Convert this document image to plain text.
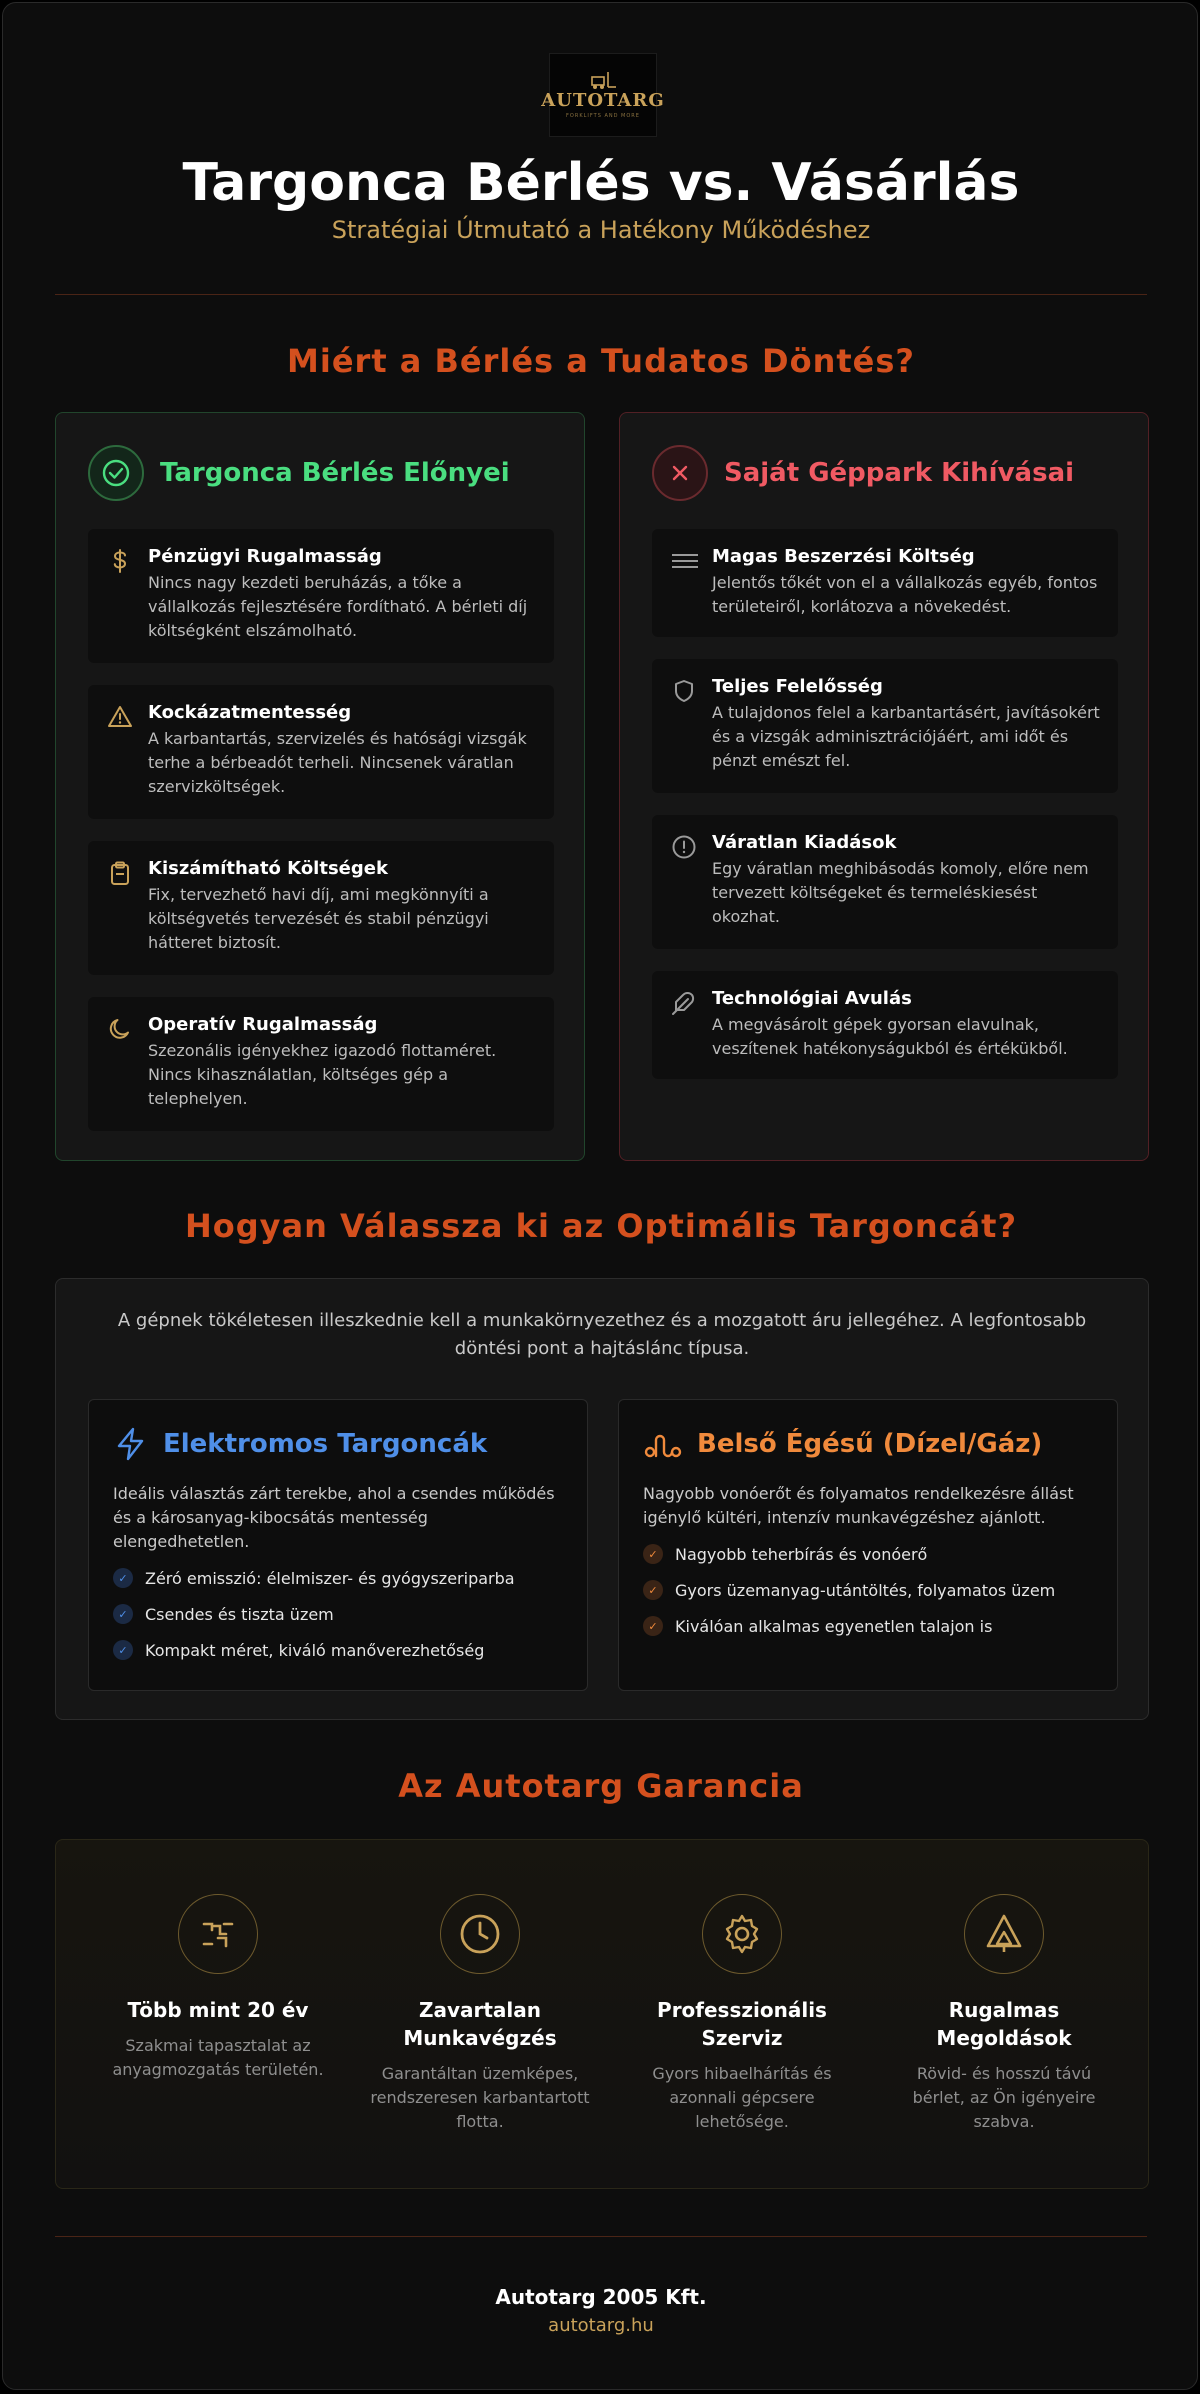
AUTOTARG
FORKLIFTS AND MORE
Targonca Bérlés vs. Vásárlás
Stratégiai Útmutató a Hatékony Működéshez
Miért a Bérlés a Tudatos Döntés?
Targonca Bérlés Előnyei
Pénzügyi Rugalmasság
Nincs nagy kezdeti beruházás, a tőke a vállalkozás fejlesztésére fordítható. A bérleti díj költségként elszámolható.
Kockázatmentesség
A karbantartás, szervizelés és hatósági vizsgák terhe a bérbeadót terheli. Nincsenek váratlan szervizköltségek.
Kiszámítható Költségek
Fix, tervezhető havi díj, ami megkönnyíti a költségvetés tervezését és stabil pénzügyi hátteret biztosít.
Operatív Rugalmasság
Szezonális igényekhez igazodó flottaméret. Nincs kihasználatlan, költséges gép a telephelyen.
Saját Géppark Kihívásai
Magas Beszerzési Költség
Jelentős tőkét von el a vállalkozás egyéb, fontos területeiről, korlátozva a növekedést.
Teljes Felelősség
A tulajdonos felel a karbantartásért, javításokért és a vizsgák adminisztrációjáért, ami időt és pénzt emészt fel.
Váratlan Kiadások
Egy váratlan meghibásodás komoly, előre nem tervezett költségeket és termeléskiesést okozhat.
Technológiai Avulás
A megvásárolt gépek gyorsan elavulnak, veszítenek hatékonyságukból és értékükből.
Hogyan Válassza ki az Optimális Targoncát?
A gépnek tökéletesen illeszkednie kell a munkakörnyezethez és a mozgatott áru jellegéhez. A legfontosabb döntési pont a hajtáslánc típusa.
Elektromos Targoncák
Ideális választás zárt terekbe, ahol a csendes működés és a károsanyag-kibocsátás mentesség elengedhetetlen.
✓	Zéró emisszió: élelmiszer- és gyógyszeriparba
✓	Csendes és tiszta üzem
✓	Kompakt méret, kiváló manőverezhetőség
Belső Égésű (Dízel/Gáz)
Nagyobb vonóerőt és folyamatos rendelkezésre állást igénylő kültéri, intenzív munkavégzéshez ajánlott.
✓	Nagyobb teherbírás és vonóerő
✓	Gyors üzemanyag-utántöltés, folyamatos üzem
✓	Kiválóan alkalmas egyenetlen talajon is
Az Autotarg Garancia
Több mint 20 év
Szakmai tapasztalat az anyagmozgatás területén.
Zavartalan Munkavégzés
Garantáltan üzemképes, rendszeresen karbantartott flotta.
Professzionális Szerviz
Gyors hibaelhárítás és azonnali gépcsere lehetősége.
Rugalmas Megoldások
Rövid- és hosszú távú bérlet, az Ön igényeire szabva.
Autotarg 2005 Kft.
autotarg.hu
